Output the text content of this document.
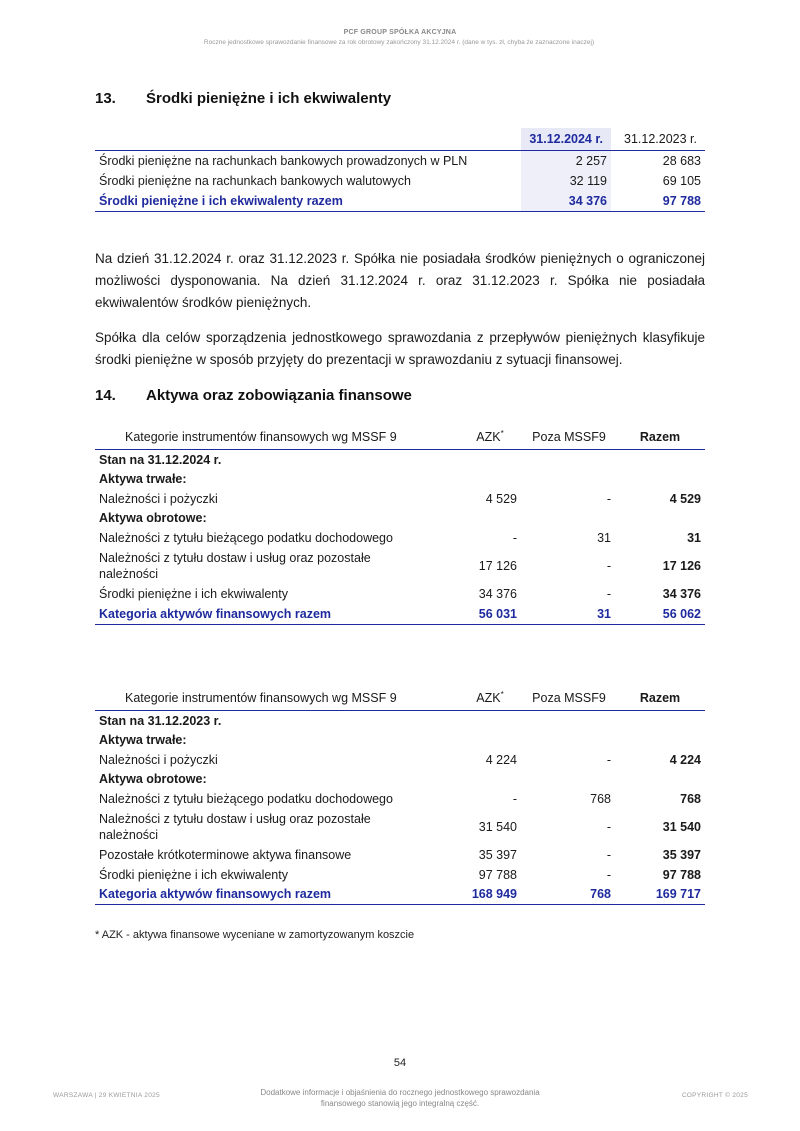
PCF GROUP SPÓŁKA AKCYJNA
Roczne jednostkowe sprawozdanie finansowe za rok obrotowy zakończony 31.12.2024 r. (dane w tys. zł, chyba że zaznaczone inaczej)
13. Środki pieniężne i ich ekwiwalenty
	31.12.2024 r.	31.12.2023 r.
Środki pieniężne na rachunkach bankowych prowadzonych w PLN	2 257	28 683
Środki pieniężne na rachunkach bankowych walutowych	32 119	69 105
Środki pieniężne i ich ekwiwalenty razem	34 376	97 788
Na dzień 31.12.2024 r. oraz 31.12.2023 r. Spółka nie posiadała środków pieniężnych o ograniczonej możliwości dysponowania. Na dzień 31.12.2024 r. oraz 31.12.2023 r. Spółka nie posiadała ekwiwalentów środków pieniężnych.
Spółka dla celów sporządzenia jednostkowego sprawozdania z przepływów pieniężnych klasyfikuje środki pieniężne w sposób przyjęty do prezentacji w sprawozdaniu z sytuacji finansowej.
14. Aktywa oraz zobowiązania finansowe
Kategorie instrumentów finansowych wg MSSF 9	AZK*	Poza MSSF9	Razem
Stan na 31.12.2024 r.			
Aktywa trwałe:			
Należności i pożyczki	4 529	-	4 529
Aktywa obrotowe:			
Należności z tytułu bieżącego podatku dochodowego	-	31	31
Należności z tytułu dostaw i usług oraz pozostałe należności	17 126	-	17 126
Środki pieniężne i ich ekwiwalenty	34 376	-	34 376
Kategoria aktywów finansowych razem	56 031	31	56 062
Kategorie instrumentów finansowych wg MSSF 9	AZK*	Poza MSSF9	Razem
Stan na 31.12.2023 r.			
Aktywa trwałe:			
Należności i pożyczki	4 224	-	4 224
Aktywa obrotowe:			
Należności z tytułu bieżącego podatku dochodowego	-	768	768
Należności z tytułu dostaw i usług oraz pozostałe należności	31 540	-	31 540
Pozostałe krótkoterminowe aktywa finansowe	35 397	-	35 397
Środki pieniężne i ich ekwiwalenty	97 788	-	97 788
Kategoria aktywów finansowych razem	168 949	768	169 717
* AZK - aktywa finansowe wyceniane w zamortyzowanym koszcie
54
WARSZAWA | 29 KWIETNIA 2025	Dodatkowe informacje i objaśnienia do rocznego jednostkowego sprawozdania finansowego stanowią jego integralną część.
COPYRIGHT © 2025
